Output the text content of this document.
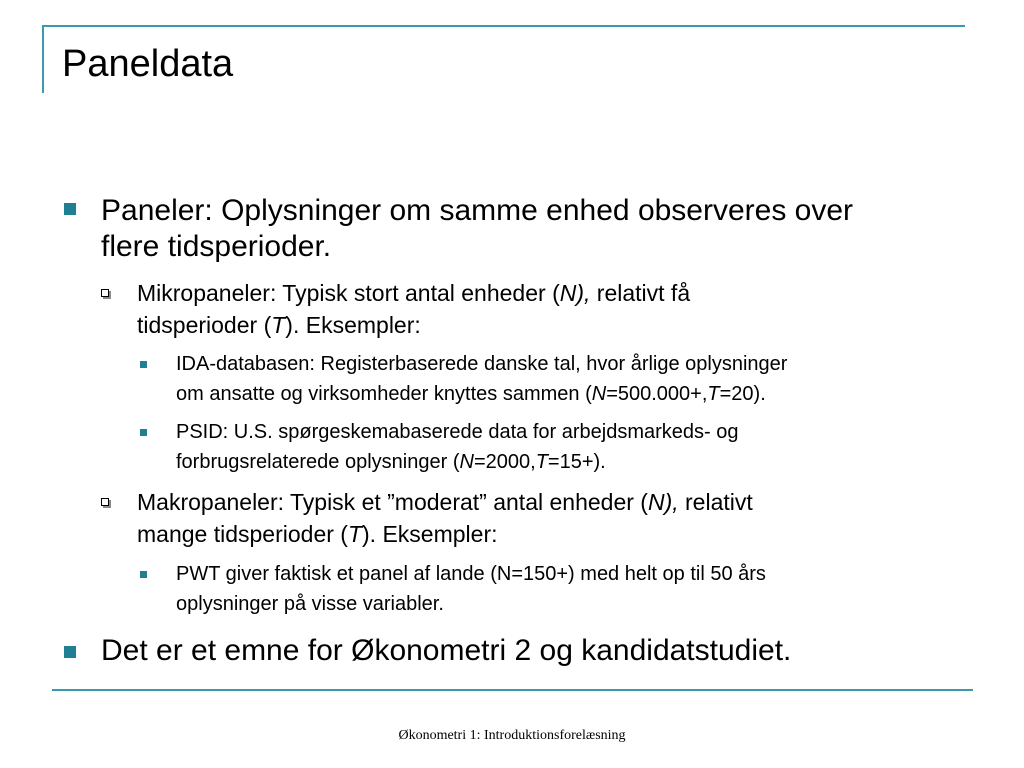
Paneldata
Paneler: Oplysninger om samme enhed observeres over
flere tidsperioder.
Mikropaneler: Typisk stort antal enheder (N), relativt få
tidsperioder (T). Eksempler:
IDA-databasen: Registerbaserede danske tal, hvor årlige oplysninger
om ansatte og virksomheder knyttes sammen (N=500.000+,T=20).
PSID: U.S. spørgeskemabaserede data for arbejdsmarkeds- og
forbrugsrelaterede oplysninger (N=2000,T=15+).
Makropaneler: Typisk et ”moderat” antal enheder (N), relativt
mange tidsperioder (T). Eksempler:
PWT giver faktisk et panel af lande (N=150+) med helt op til 50 års
oplysninger på visse variabler.
Det er et emne for Økonometri 2 og kandidatstudiet.
Økonometri 1: Introduktionsforelæsning
